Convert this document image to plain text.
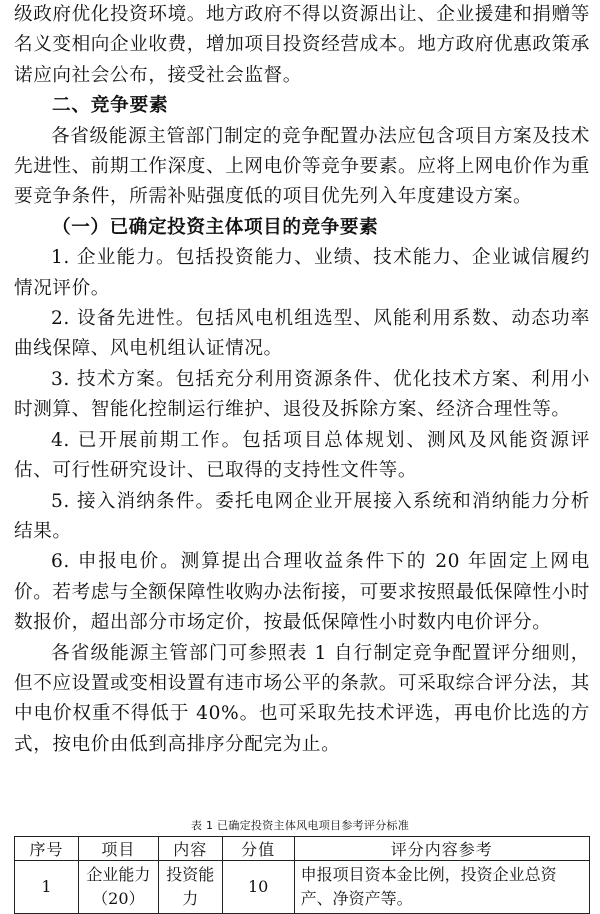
级政府优化投资环境。地方政府不得以资源出让、企业援建和捐赠等名义变相向企业收费，增加项目投资经营成本。地方政府优惠政策承诺应向社会公布，接受社会监督。

二、竞争要素

各省级能源主管部门制定的竞争配置办法应包含项目方案及技术先进性、前期工作深度、上网电价等竞争要素。应将上网电价作为重要竞争条件，所需补贴强度低的项目优先列入年度建设方案。

（一）已确定投资主体项目的竞争要素

1. 企业能力。包括投资能力、业绩、技术能力、企业诚信履约情况评价。

2. 设备先进性。包括风电机组选型、风能利用系数、动态功率曲线保障、风电机组认证情况。

3. 技术方案。包括充分利用资源条件、优化技术方案、利用小时测算、智能化控制运行维护、退役及拆除方案、经济合理性等。

4. 已开展前期工作。包括项目总体规划、测风及风能资源评估、可行性研究设计、已取得的支持性文件等。

5. 接入消纳条件。委托电网企业开展接入系统和消纳能力分析结果。

6. 申报电价。测算提出合理收益条件下的 20 年固定上网电价。若考虑与全额保障性收购办法衔接，可要求按照最低保障性小时数报价，超出部分市场定价，按最低保障性小时数内电价评分。

各省级能源主管部门可参照表 1 自行制定竞争配置评分细则，但不应设置或变相设置有违市场公平的条款。可采取综合评分法，其中电价权重不得低于 40%。也可采取先技术评选，再电价比选的方式，按电价由低到高排序分配完为止。

表 1 已确定投资主体风电项目参考评分标准
序号	项目	内容	分值	评分内容参考
1	企业能力（20）	投资能力	10	申报项目资本金比例，投资企业总资产、净资产等。
